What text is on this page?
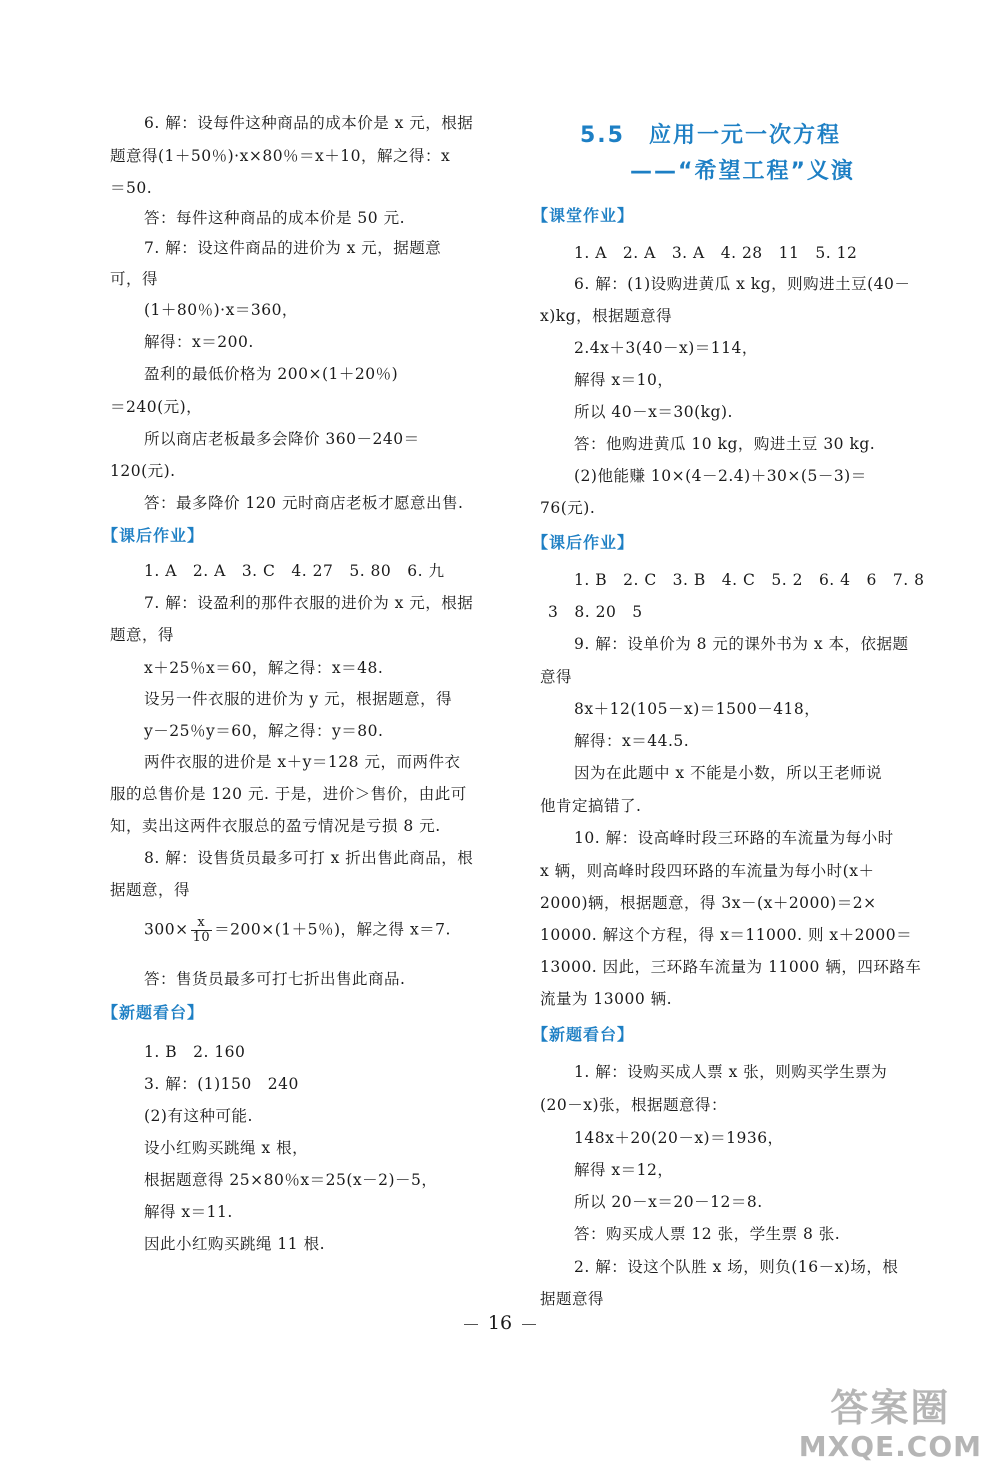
6. 解：设每件这种商品的成本价是 x 元，根据
题意得(1＋50％)·x×80％＝x＋10，解之得：x
＝50.
答：每件这种商品的成本价是 50 元.
7. 解：设这件商品的进价为 x 元，据题意
可，得
(1＋80％)·x＝360，
解得：x＝200.
盈利的最低价格为 200×(1＋20％)
＝240(元)，
所以商店老板最多会降价 360－240＝
120(元).
答：最多降价 120 元时商店老板才愿意出售.
【课后作业】
1. A　2. A　3. C　4. 27　5. 80　6. 九
7. 解：设盈利的那件衣服的进价为 x 元，根据
题意，得
x＋25％x＝60，解之得：x＝48.
设另一件衣服的进价为 y 元，根据题意，得
y－25％y＝60，解之得：y＝80.
两件衣服的进价是 x＋y＝128 元，而两件衣
服的总售价是 120 元. 于是，进价＞售价，由此可
知，卖出这两件衣服总的盈亏情况是亏损 8 元.
8. 解：设售货员最多可打 x 折出售此商品，根
据题意，得
$300\times \frac{x}{10} =200\times(1+5$％)，解之得 x＝7.
答：售货员最多可打七折出售此商品.
【新题看台】
1. B　2. 160
3. 解：(1)150　240
(2)有这种可能.
设小红购买跳绳 x 根，
根据题意得 25×80％x＝25(x－2)－5，
解得 x＝11.
因此小红购买跳绳 11 根.
5.5　应用一元一次方程
——“希望工程”义演
【课堂作业】
1. A　2. A　3. A　4. 28　11　5. 12
6. 解：(1)设购进黄瓜 x kg，则购进土豆(40－
x)kg，根据题意得
2.4x＋3(40－x)＝114，
解得 x＝10，
所以 40－x＝30(kg).
答：他购进黄瓜 10 kg，购进土豆 30 kg.
(2)他能赚 10×(4－2.4)＋30×(5－3)＝
76(元).
【课后作业】
1. B　2. C　3. B　4. C　5. 2　6. 4　6　7. 8
3　8. 20　5
9. 解：设单价为 8 元的课外书为 x 本，依据题
意得
8x＋12(105－x)＝1500－418，
解得：x＝44.5.
因为在此题中 x 不能是小数，所以王老师说
他肯定搞错了.
10. 解：设高峰时段三环路的车流量为每小时
x 辆，则高峰时段四环路的车流量为每小时(x＋
2000)辆，根据题意，得 3x－(x＋2000)＝2×
10000. 解这个方程，得 x＝11000. 则 x＋2000＝
13000. 因此，三环路车流量为 11000 辆，四环路车
流量为 13000 辆.
【新题看台】
1. 解：设购买成人票 x 张，则购买学生票为
(20－x)张，根据题意得：
148x＋20(20－x)＝1936，
解得 x＝12，
所以 20－x＝20－12＝8.
答：购买成人票 12 张，学生票 8 张.
2. 解：设这个队胜 x 场，则负(16－x)场，根
据题意得
16
答案圈
MXQE.COM
